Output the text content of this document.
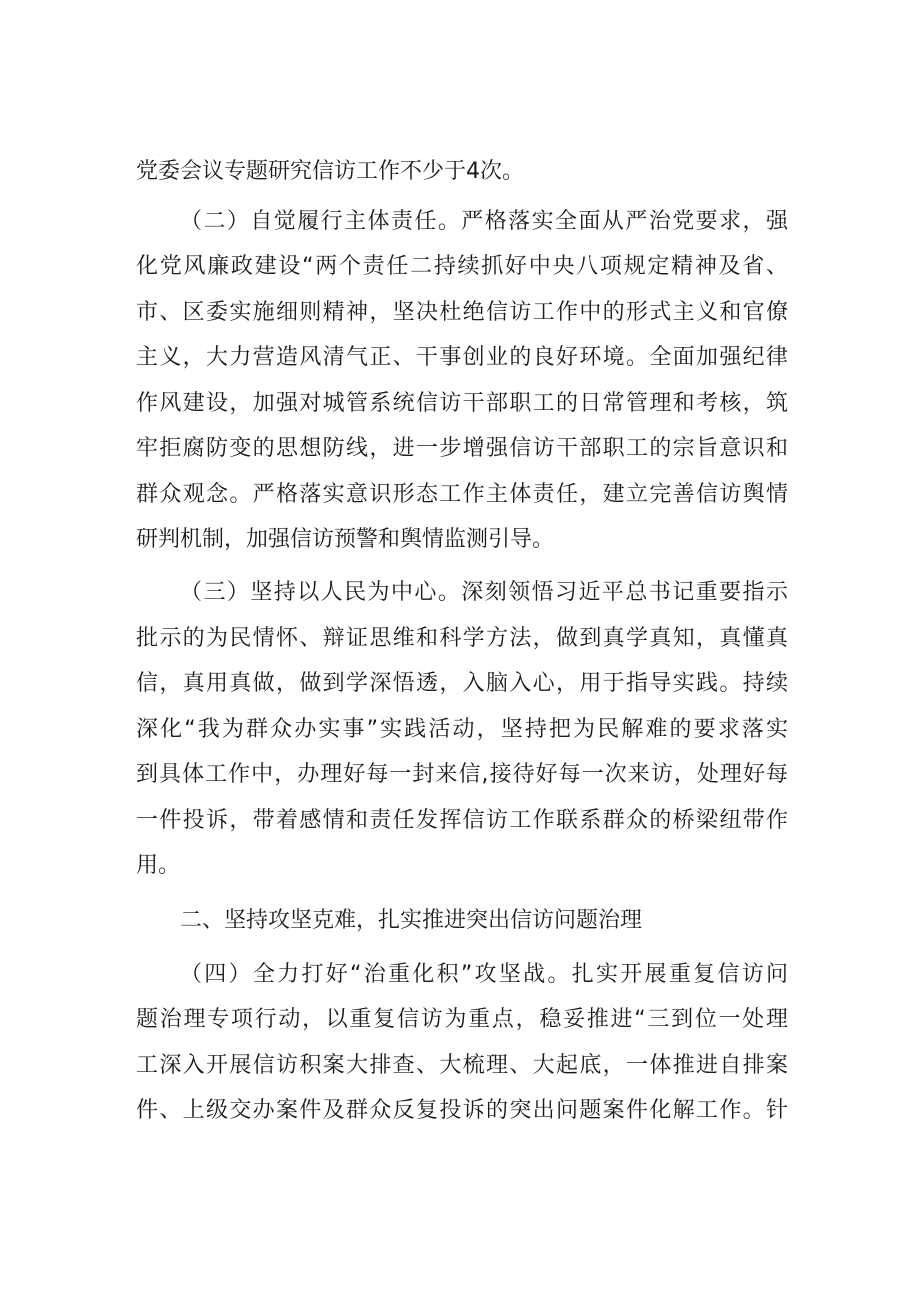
党委会议专题研究信访工作不少于4次。
（二）自觉履行主体责任。严格落实全面从严治党要求，强
化党风廉政建设“两个责任二持续抓好中央八项规定精神及省、
市、区委实施细则精神，坚决杜绝信访工作中的形式主义和官僚
主义，大力营造风清气正、干事创业的良好环境。全面加强纪律
作风建设，加强对城管系统信访干部职工的日常管理和考核，筑
牢拒腐防变的思想防线，进一步增强信访干部职工的宗旨意识和
群众观念。严格落实意识形态工作主体责任，建立完善信访舆情
研判机制，加强信访预警和舆情监测引导。
（三）坚持以人民为中心。深刻领悟习近平总书记重要指示
批示的为民情怀、辩证思维和科学方法，做到真学真知，真懂真
信，真用真做，做到学深悟透，入脑入心，用于指导实践。持续
深化“我为群众办实事”实践活动，坚持把为民解难的要求落实
到具体工作中，办理好每一封来信,接待好每一次来访，处理好每
一件投诉，带着感情和责任发挥信访工作联系群众的桥梁纽带作
用。
二、坚持攻坚克难，扎实推进突出信访问题治理
（四）全力打好“治重化积”攻坚战。扎实开展重复信访问
题治理专项行动，以重复信访为重点，稳妥推进“三到位一处理
工深入开展信访积案大排查、大梳理、大起底，一体推进自排案
件、上级交办案件及群众反复投诉的突出问题案件化解工作。针
